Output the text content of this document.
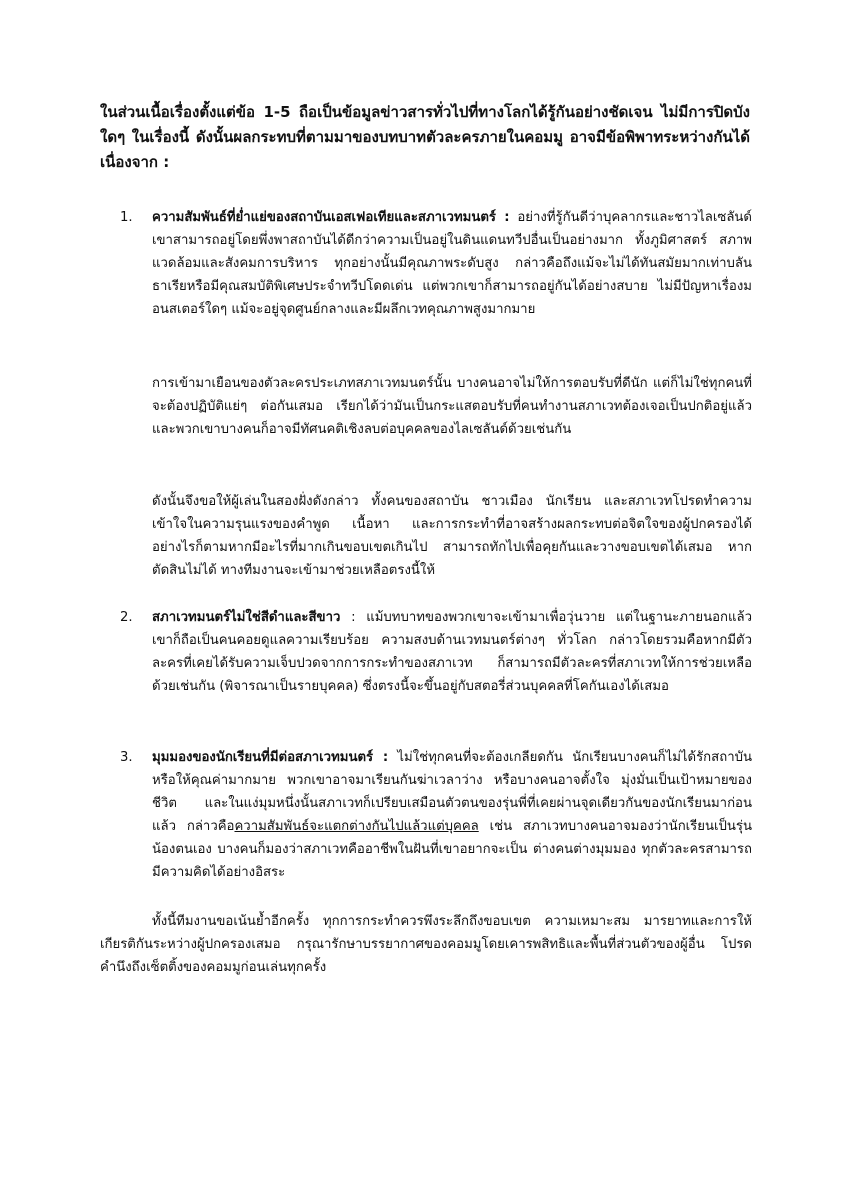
ในส่วนเนื้อเรื่องตั้งแต่ข้อ 1-5 ถือเป็นข้อมูลข่าวสารทั่วไปที่ทางโลกได้รู้กันอย่างชัดเจน ไม่มีการปิดบังใดๆ ในเรื่องนี้ ดังนั้นผลกระทบที่ตามมาของบทบาทตัวละครภายในคอมมู อาจมีข้อพิพาทระหว่างกันได้ เนื่องจาก :
1.	ความสัมพันธ์ที่ย่ำแย่ของสถาบันเอสเฟอเทียและสภาเวทมนตร์ : อย่างที่รู้กันดีว่าบุคลากรและชาวไลเซลันด์ เขาสามารถอยู่โดยพึ่งพาสถาบันได้ดีกว่าความเป็นอยู่ในดินแดนทวีปอื่นเป็นอย่างมาก ทั้งภูมิศาสตร์ สภาพแวดล้อมและสังคมการบริหาร ทุกอย่างนั้นมีคุณภาพระดับสูง กล่าวคือถึงแม้จะไม่ได้ทันสมัยมากเท่าบลันธาเรียหรือมีคุณสมบัติพิเศษประจำทวีปโดดเด่น แต่พวกเขาก็สามารถอยู่กันได้อย่างสบาย ไม่มีปัญหาเรื่องมอนสเตอร์ใดๆ แม้จะอยู่จุดศูนย์กลางและมีผลึกเวทคุณภาพสูงมากมาย
การเข้ามาเยือนของตัวละครประเภทสภาเวทมนตร์นั้น บางคนอาจไม่ให้การตอบรับที่ดีนัก แต่ก็ไม่ใช่ทุกคนที่จะต้องปฏิบัติแย่ๆ ต่อกันเสมอ เรียกได้ว่ามันเป็นกระแสตอบรับที่คนทำงานสภาเวทต้องเจอเป็นปกติอยู่แล้ว และพวกเขาบางคนก็อาจมีทัศนคติเชิงลบต่อบุคคลของไลเซลันด์ด้วยเช่นกัน
ดังนั้นจึงขอให้ผู้เล่นในสองฝั่งดังกล่าว ทั้งคนของสถาบัน ชาวเมือง นักเรียน และสภาเวทโปรดทำความเข้าใจในความรุนแรงของคำพูด เนื้อหา และการกระทำที่อาจสร้างผลกระทบต่อจิตใจของผู้ปกครองได้ อย่างไรก็ตามหากมีอะไรที่มากเกินขอบเขตเกินไป สามารถทักไปเพื่อคุยกันและวางขอบเขตได้เสมอ หากตัดสินไม่ได้ ทางทีมงานจะเข้ามาช่วยเหลือตรงนี้ให้
2.	สภาเวทมนตร์ไม่ใช่สีดำและสีขาว : แม้บทบาทของพวกเขาจะเข้ามาเพื่อวุ่นวาย แต่ในฐานะภายนอกแล้ว เขาก็ถือเป็นคนคอยดูแลความเรียบร้อย ความสงบด้านเวทมนตร์ต่างๆ ทั่วโลก กล่าวโดยรวมคือหากมีตัวละครที่เคยได้รับความเจ็บปวดจากการกระทำของสภาเวท ก็สามารถมีตัวละครที่สภาเวทให้การช่วยเหลือด้วยเช่นกัน (พิจารณาเป็นรายบุคคล) ซึ่งตรงนี้จะขึ้นอยู่กับสตอรี่ส่วนบุคคลที่โคกันเองได้เสมอ
3.	มุมมองของนักเรียนที่มีต่อสภาเวทมนตร์ : ไม่ใช่ทุกคนที่จะต้องเกลียดกัน นักเรียนบางคนก็ไม่ได้รักสถาบันหรือให้คุณค่ามากมาย พวกเขาอาจมาเรียนกันฆ่าเวลาว่าง หรือบางคนอาจตั้งใจ มุ่งมั่นเป็นเป้าหมายของชีวิต และในแง่มุมหนึ่งนั้นสภาเวทก็เปรียบเสมือนตัวตนของรุ่นพี่ที่เคยผ่านจุดเดียวกันของนักเรียนมาก่อนแล้ว กล่าวคือความสัมพันธ์จะแตกต่างกันไปแล้วแต่บุคคล เช่น สภาเวทบางคนอาจมองว่านักเรียนเป็นรุ่นน้องตนเอง บางคนก็มองว่าสภาเวทคืออาชีพในฝันที่เขาอยากจะเป็น ต่างคนต่างมุมมอง ทุกตัวละครสามารถมีความคิดได้อย่างอิสระ
ทั้งนี้ทีมงานขอเน้นย้ำอีกครั้ง ทุกการกระทำควรพึงระลึกถึงขอบเขต ความเหมาะสม มารยาทและการให้เกียรติกันระหว่างผู้ปกครองเสมอ กรุณารักษาบรรยากาศของคอมมูโดยเคารพสิทธิและพื้นที่ส่วนตัวของผู้อื่น โปรดคำนึงถึงเซ็ตติ้งของคอมมูก่อนเล่นทุกครั้ง
